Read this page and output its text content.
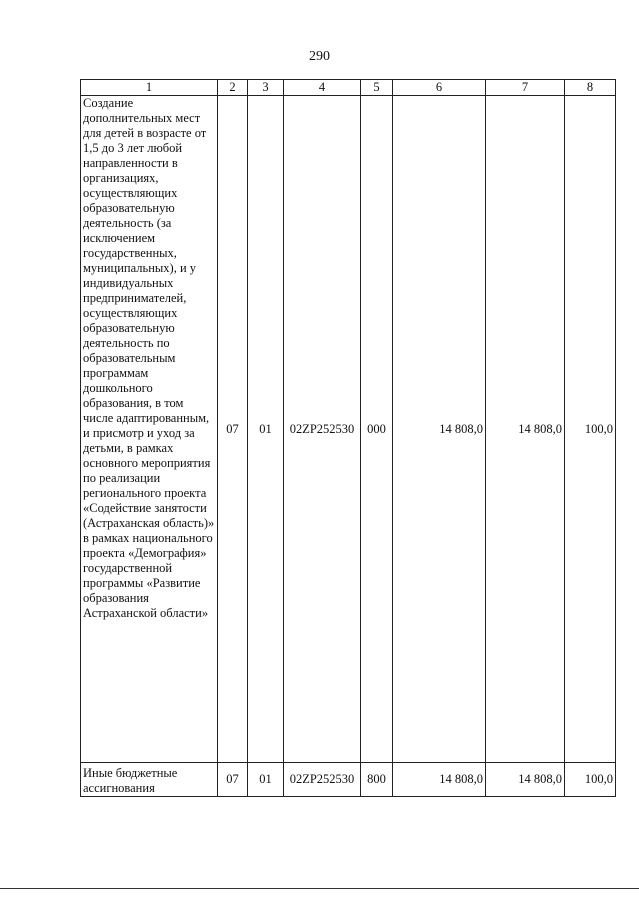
290
1	2	3	4	5	6	7	8
Создание дополнительных мест для детей в возрасте от 1,5 до 3 лет любой направленности в организациях, осуществляющих образовательную деятельность (за исключением государственных, муниципальных), и у индивидуальных предпринимателей, осуществляющих образовательную деятельность по образовательным программам дошкольного образования, в том числе адаптированным, и присмотр и уход за детьми, в рамках основного мероприятия по реализации регионального проекта «Содействие занятости (Астраханская область)» в рамках национального проекта «Демография» государственной программы «Развитие образования Астраханской области»	07	01	02ZP252530	000	14 808,0	14 808,0	100,0
Иные бюджетные ассигнования	07	01	02ZP252530	800	14 808,0	14 808,0	100,0
